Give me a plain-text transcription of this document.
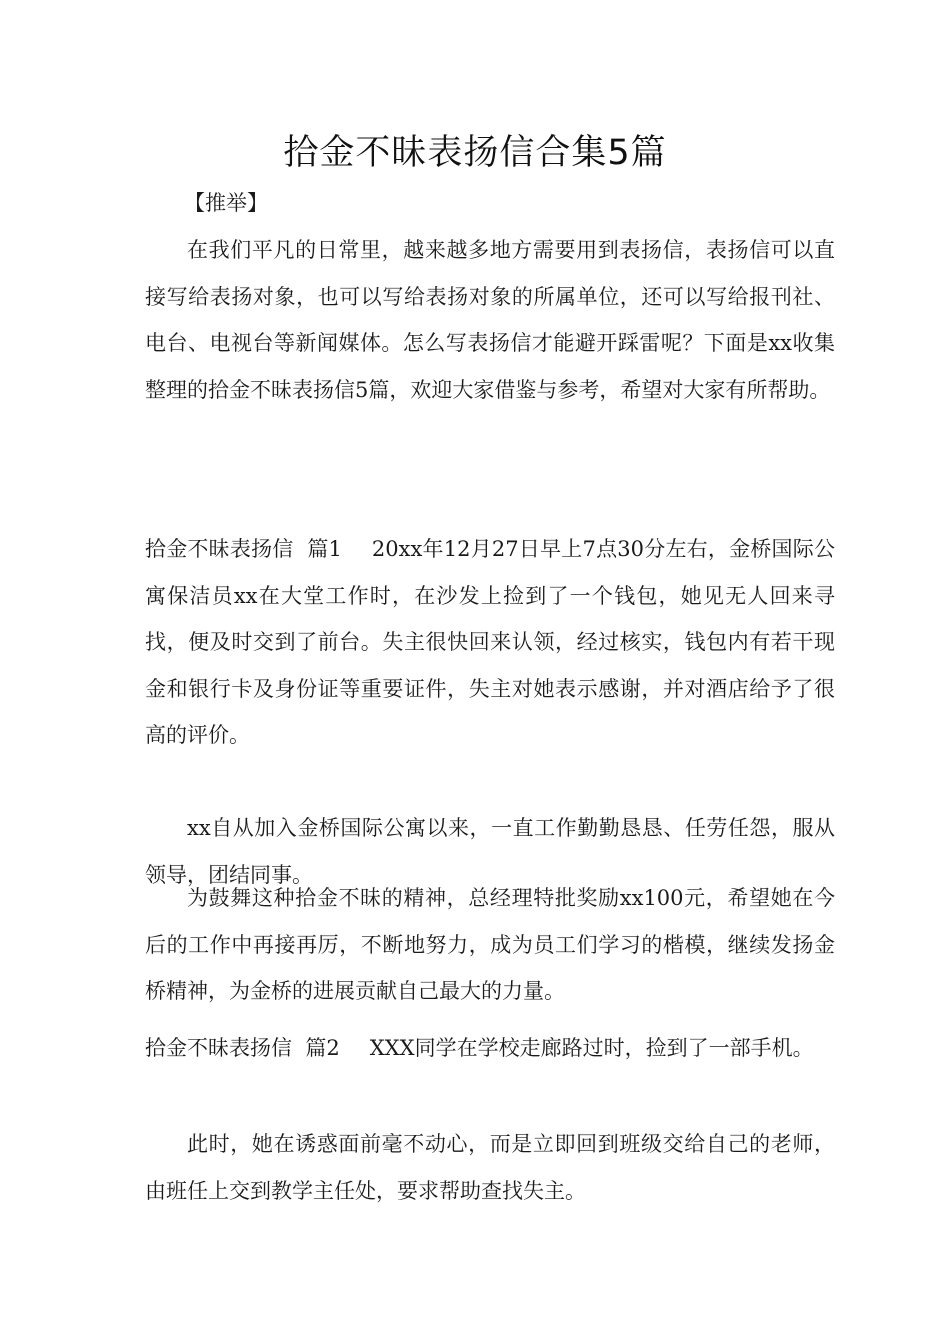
拾金不昧表扬信合集5篇

【推举】

在我们平凡的日常里，越来越多地方需要用到表扬信，表扬信可以直接写给表扬对象，也可以写给表扬对象的所属单位，还可以写给报刊社、电台、电视台等新闻媒体。怎么写表扬信才能避开踩雷呢？下面是xx收集整理的拾金不昧表扬信5篇，欢迎大家借鉴与参考，希望对大家有所帮助。

拾金不昧表扬信  篇1 20xx年12月27日早上7点30分左右，金桥国际公寓保洁员xx在大堂工作时，在沙发上捡到了一个钱包，她见无人回来寻找，便及时交到了前台。失主很快回来认领，经过核实，钱包内有若干现金和银行卡及身份证等重要证件，失主对她表示感谢，并对酒店给予了很高的评价。

xx自从加入金桥国际公寓以来，一直工作勤勤恳恳、任劳任怨，服从领导，团结同事。

为鼓舞这种拾金不昧的精神，总经理特批奖励xx100元，希望她在今后的工作中再接再厉，不断地努力，成为员工们学习的楷模，继续发扬金桥精神，为金桥的进展贡献自己最大的力量。

拾金不昧表扬信  篇2 XXX同学在学校走廊路过时，捡到了一部手机。

此时，她在诱惑面前毫不动心，而是立即回到班级交给自己的老师，由班任上交到教学主任处，要求帮助查找失主。
